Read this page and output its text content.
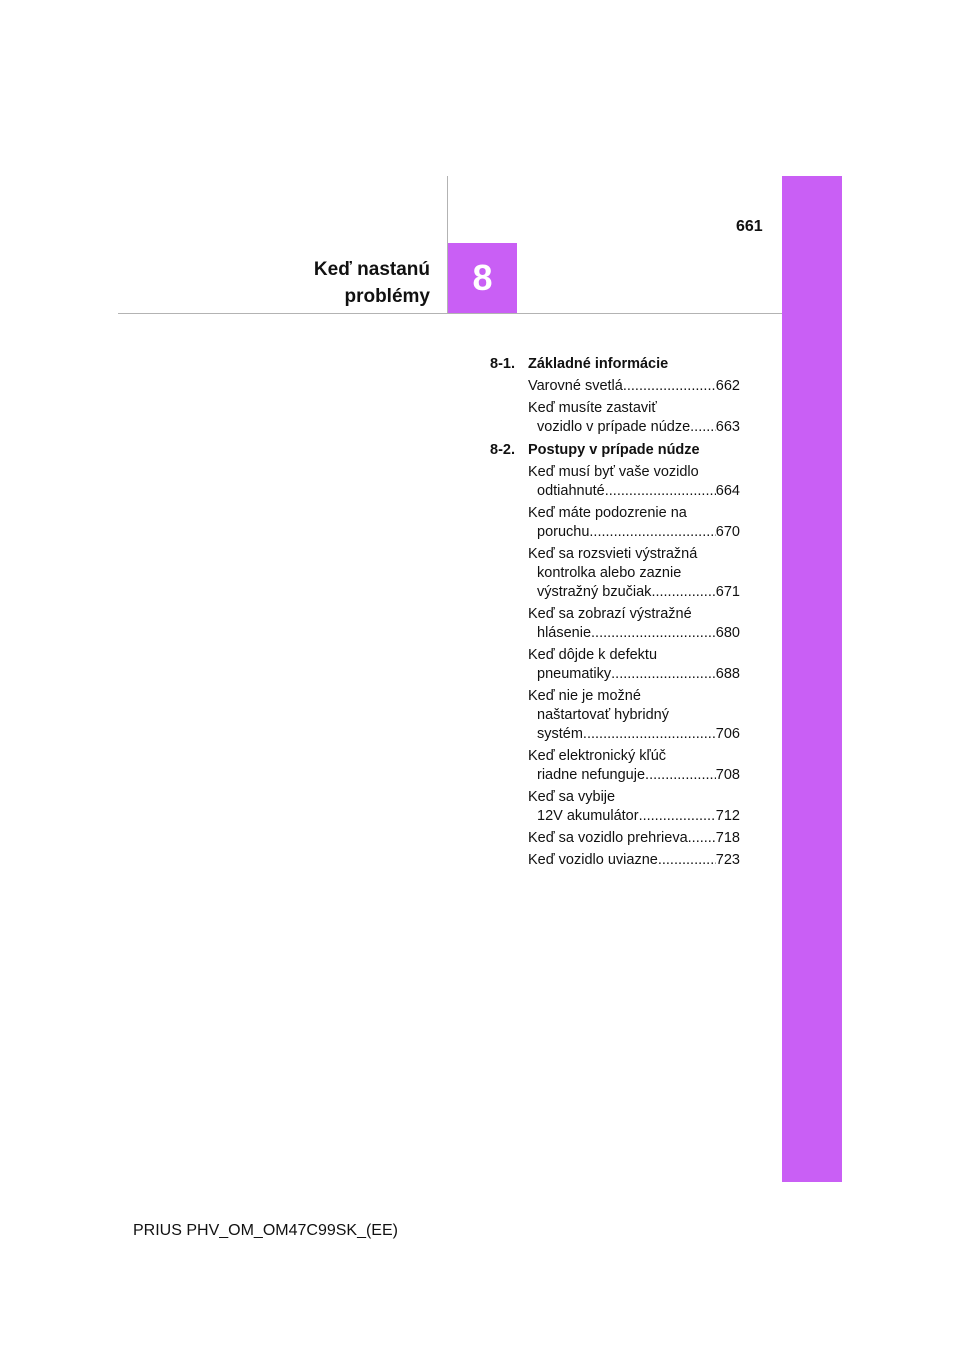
661
Keď nastanú
problémy	8
8-1. Základné informácie
Varovné svetlá .....	662
Keď musíte zastaviť
vozidlo v prípade núdze ..... 663
8-2. Postupy v prípade núdze
Keď musí byť vaše vozidlo
odtiahnuté .....	664
Keď máte podozrenie na
poruchu .....	670
Keď sa rozsvieti výstražná
kontrolka alebo zaznie
výstražný bzučiak .....	671
Keď sa zobrazí výstražné
hlásenie .....	680
Keď dôjde k defektu
pneumatiky .....	688
Keď nie je možné
naštartovať hybridný
systém .....	706
Keď elektronický kľúč
riadne nefunguje .....	708
Keď sa vybije
12V akumulátor .....	712
Keď sa vozidlo prehrieva ..... 718
Keď vozidlo uviazne .....	723
PRIUS PHV_OM_OM47C99SK_(EE)
